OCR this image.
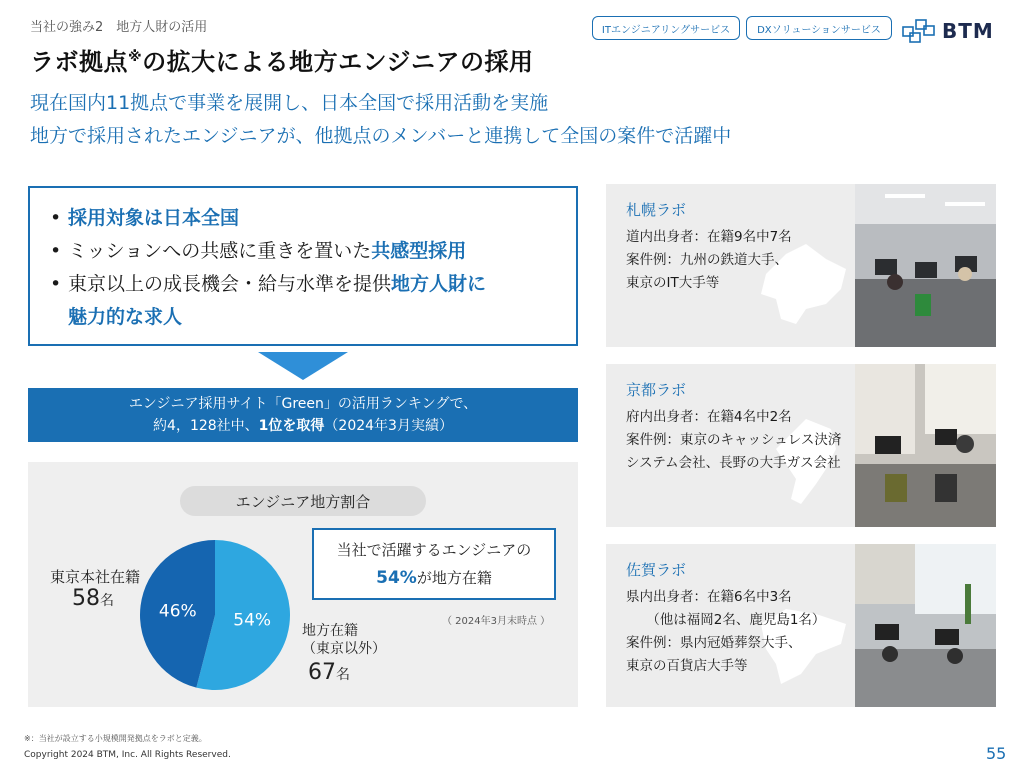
当社の強み2　地方人財の活用
ラボ拠点※の拡大による地方エンジニアの採用
現在国内11拠点で事業を展開し、日本全国で採用活動を実施
地方で採用されたエンジニアが、他拠点のメンバーと連携して全国の案件で活躍中
ITエンジニアリングサービス	DXソリューションサービス	BTM
• 採用対象は日本全国
• ミッションへの共感に重きを置いた共感型採用
• 東京以上の成長機会・給与水準を提供地方人財に
魅力的な求人
エンジニア採用サイト「Green」の活用ランキングで、
約4，128社中、1位を取得（2024年3月実績）
エンジニア地方割合
東京本社在籍
58名
54%
46%
地方在籍
（東京以外）
67名
当社で活躍するエンジニアの
54%が地方在籍
（ 2024年3月末時点 ）
札幌ラボ
道内出身者：在籍9名中7名
案件例：九州の鉄道大手、
東京のIT大手等
京都ラボ
府内出身者：在籍4名中2名
案件例：東京のキャッシュレス決済
システム会社、長野の大手ガス会社
佐賀ラボ
県内出身者：在籍6名中3名
　　（他は福岡2名、鹿児島1名）
案件例：県内冠婚葬祭大手、
東京の百貨店大手等
※：当社が設立する小規模開発拠点をラボと定義。
Copyright 2024 BTM, Inc. All Rights Reserved.	55
